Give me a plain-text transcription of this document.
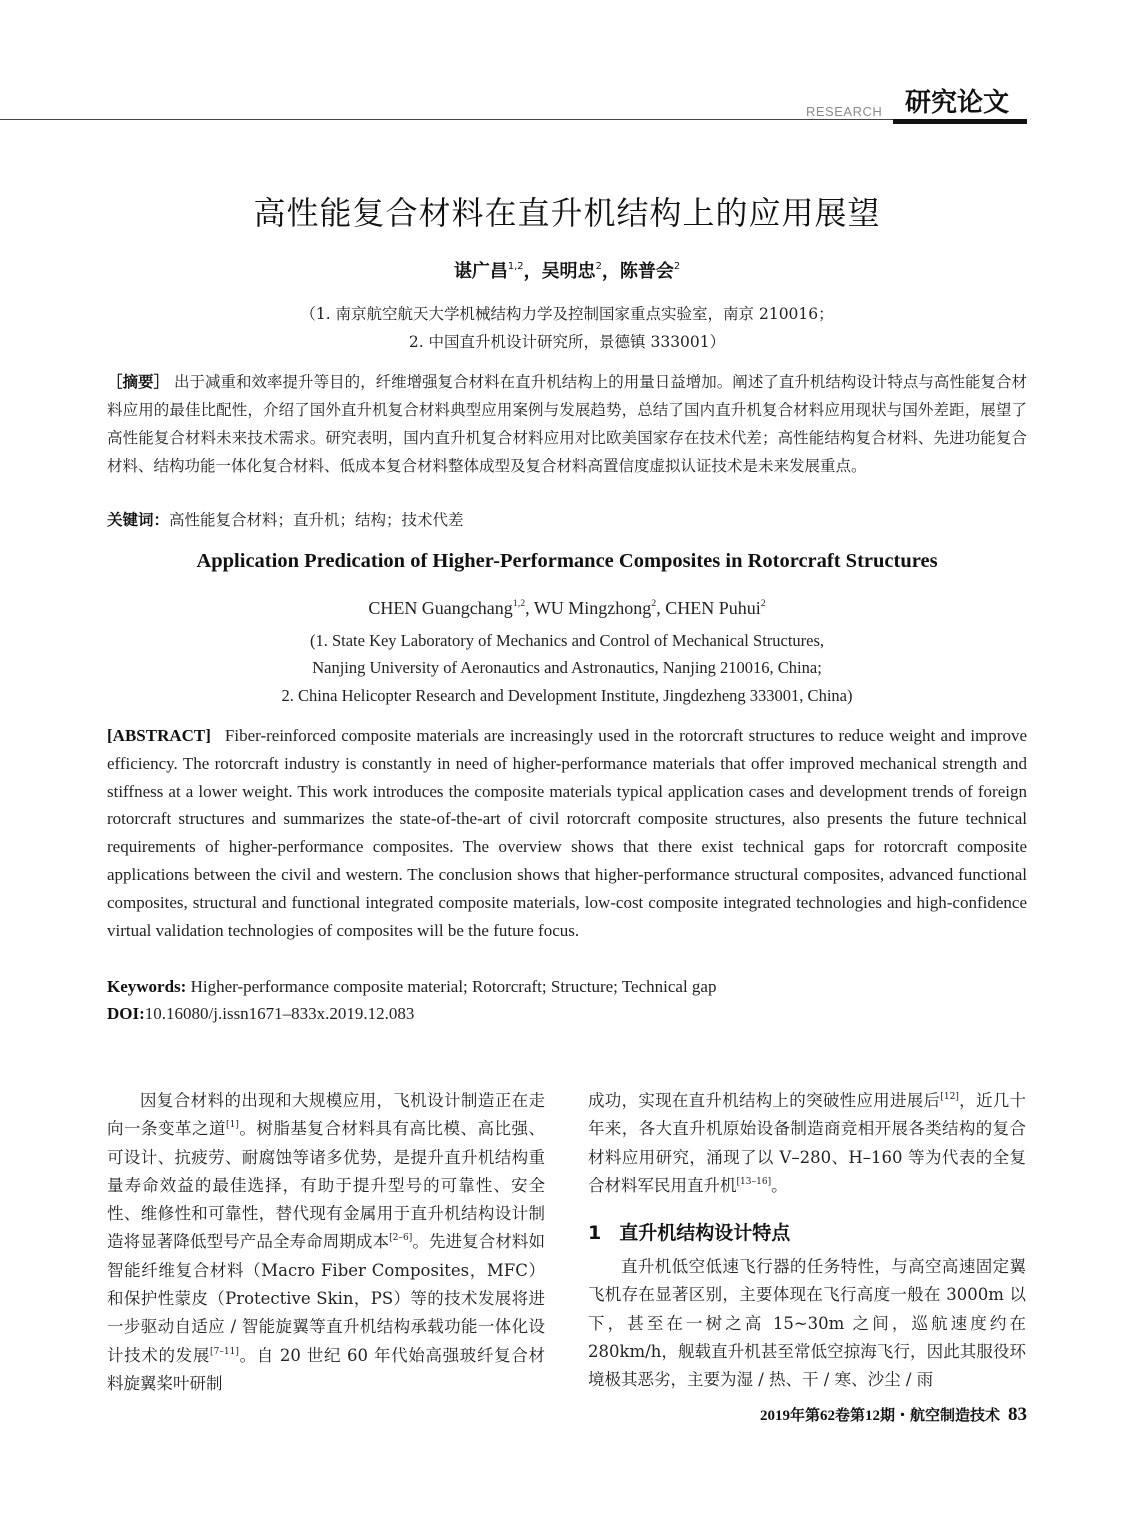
RESEARCH 研究论文
高性能复合材料在直升机结构上的应用展望
谌广昌$^{1,2}$，吴明忠$^2$，陈普会$^2$
（1. 南京航空航天大学机械结构力学及控制国家重点实验室，南京 210016；
2. 中国直升机设计研究所，景德镇 333001）
［摘要］ 出于减重和效率提升等目的，纤维增强复合材料在直升机结构上的用量日益增加。阐述了直升机结构设计特点与高性能复合材料应用的最佳比配性，介绍了国外直升机复合材料典型应用案例与发展趋势，总结了国内直升机复合材料应用现状与国外差距，展望了高性能复合材料未来技术需求。研究表明，国内直升机复合材料应用对比欧美国家存在技术代差；高性能结构复合材料、先进功能复合材料、结构功能一体化复合材料、低成本复合材料整体成型及复合材料高置信度虚拟认证技术是未来发展重点。
关键词：高性能复合材料；直升机；结构；技术代差
Application Predication of Higher-Performance Composites in Rotorcraft Structures
CHEN Guangchang$^{1,2}$, WU Mingzhong$^2$, CHEN Puhui$^2$
(1. State Key Laboratory of Mechanics and Control of Mechanical Structures,
Nanjing University of Aeronautics and Astronautics, Nanjing 210016, China;
2. China Helicopter Research and Development Institute, Jingdezheng 333001, China)
[ABSTRACT] Fiber-reinforced composite materials are increasingly used in the rotorcraft structures to reduce weight and improve efficiency. The rotorcraft industry is constantly in need of higher-performance materials that offer improved mechanical strength and stiffness at a lower weight. This work introduces the composite materials typical application cases and development trends of foreign rotorcraft structures and summarizes the state-of-the-art of civil rotorcraft composite structures, also presents the future technical requirements of higher-performance composites. The overview shows that there exist technical gaps for rotorcraft composite applications between the civil and western. The conclusion shows that higher-performance structural composites, advanced functional composites, structural and functional integrated composite materials, low-cost composite integrated technologies and high-confidence virtual validation technologies of composites will be the future focus.
Keywords: Higher-performance composite material; Rotorcraft; Structure; Technical gap
DOI:10.16080/j.issn1671–833x.2019.12.083
因复合材料的出现和大规模应用，飞机设计制造正在走向一条变革之道[1]。树脂基复合材料具有高比模、高比强、可设计、抗疲劳、耐腐蚀等诸多优势，是提升直升机结构重量寿命效益的最佳选择，有助于提升型号的可靠性、安全性、维修性和可靠性，替代现有金属用于直升机结构设计制造将显著降低型号产品全寿命周期成本[2–6]。先进复合材料如智能纤维复合材料（Macro Fiber Composites，MFC）和保护性蒙皮（Protective Skin，PS）等的技术发展将进一步驱动自适应 / 智能旋翼等直升机结构承载功能一体化设计技术的发展[7–11]。自 20 世纪 60 年代始高强玻纤复合材料旋翼桨叶研制
成功，实现在直升机结构上的突破性应用进展后[12]，近几十年来，各大直升机原始设备制造商竞相开展各类结构的复合材料应用研究，涌现了以 V–280、H–160 等为代表的全复合材料军民用直升机[13–16]。
1 直升机结构设计特点
直升机低空低速飞行器的任务特性，与高空高速固定翼飞机存在显著区别，主要体现在飞行高度一般在 3000m 以下，甚至在一树之高 15~30m 之间，巡航速度约在 280km/h，舰载直升机甚至常低空掠海飞行，因此其服役环境极其恶劣，主要为湿 / 热、干 / 寒、沙尘 / 雨
2019年第62卷第12期・航空制造技术 83
